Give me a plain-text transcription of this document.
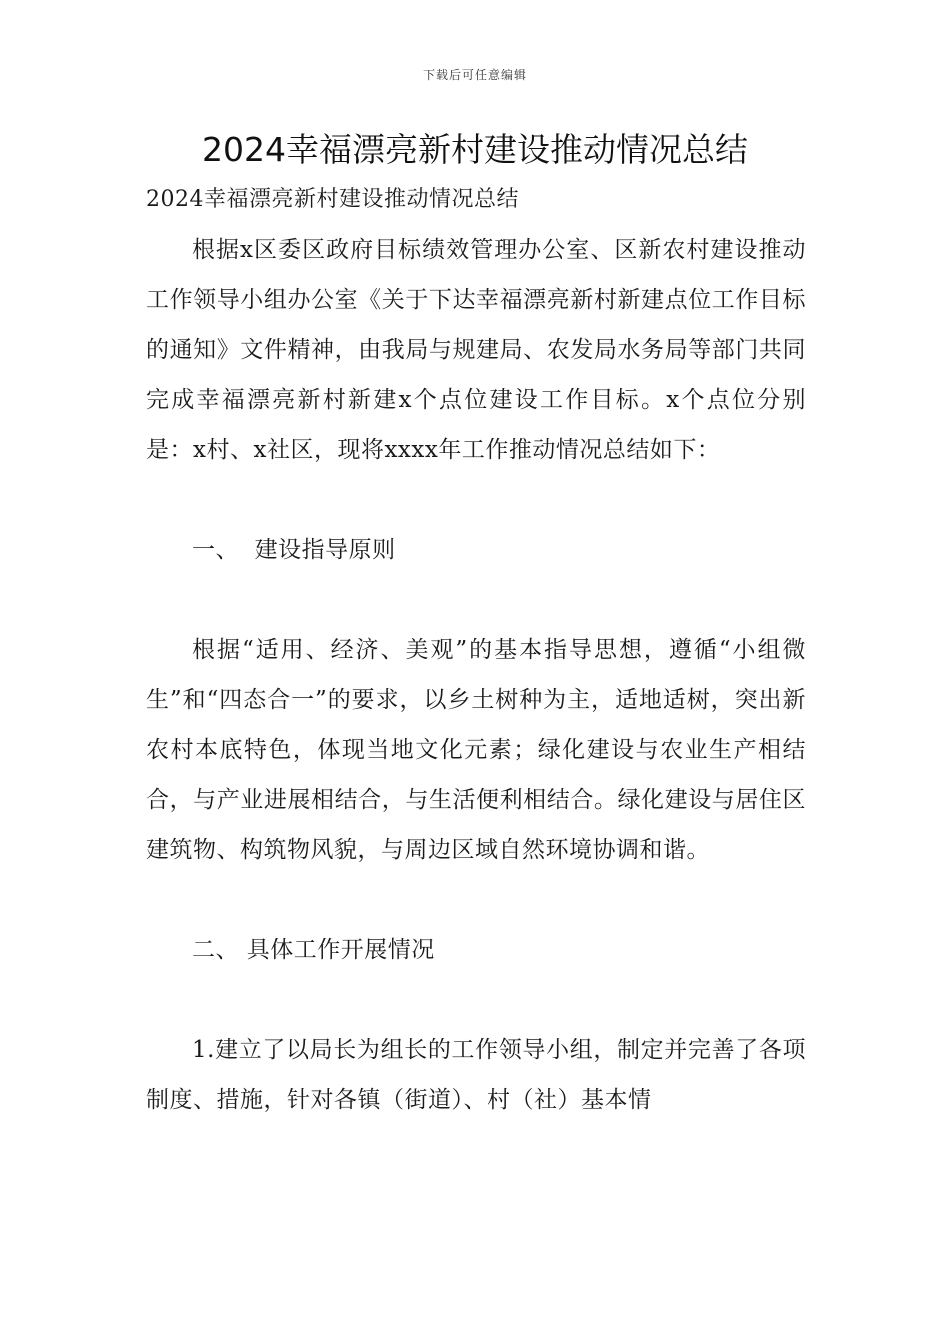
下载后可任意编辑
2024幸福漂亮新村建设推动情况总结

2024幸福漂亮新村建设推动情况总结

根据x区委区政府目标绩效管理办公室、区新农村建设推动工作领导小组办公室《关于下达幸福漂亮新村新建点位工作目标的通知》文件精神，由我局与规建局、农发局水务局等部门共同完成幸福漂亮新村新建x个点位建设工作目标。x个点位分别是：x村、x社区，现将xxxx年工作推动情况总结如下：

一、  建设指导原则

根据“适用、经济、美观”的基本指导思想，遵循“小组微生”和“四态合一”的要求，以乡土树种为主，适地适树，突出新农村本底特色，体现当地文化元素；绿化建设与农业生产相结合，与产业进展相结合，与生活便利相结合。绿化建设与居住区建筑物、构筑物风貌，与周边区域自然环境协调和谐。

二、 具体工作开展情况

1.建立了以局长为组长的工作领导小组，制定并完善了各项制度、措施，针对各镇（街道）、村（社）基本情
